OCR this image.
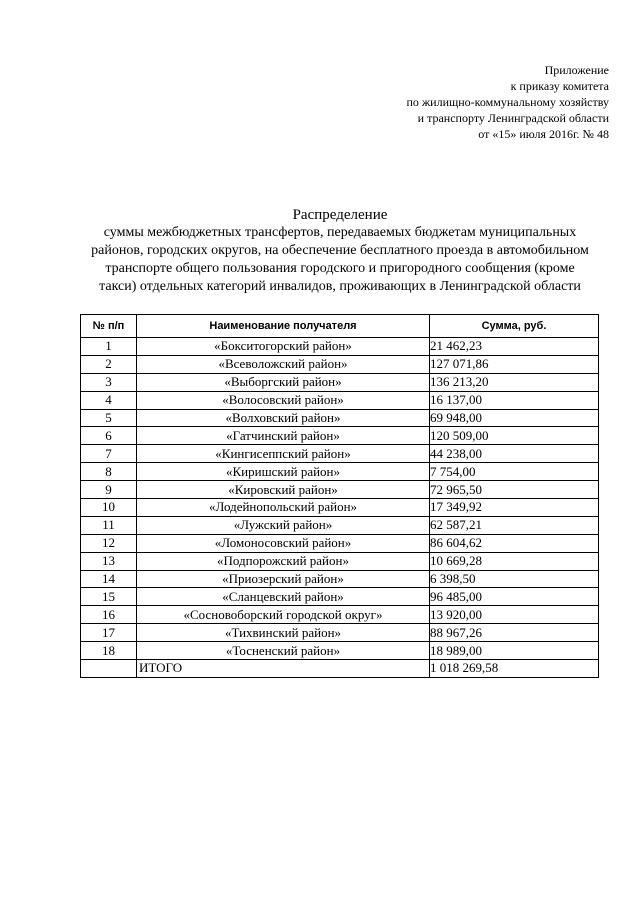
Приложение
к приказу комитета
по жилищно-коммунальному хозяйству
и транспорту Ленинградской области
от «15» июля 2016г. № 48
Распределение
суммы межбюджетных трансфертов, передаваемых бюджетам муниципальных
районов, городских округов, на обеспечение бесплатного проезда в автомобильном
транспорте общего пользования городского и пригородного сообщения (кроме
такси) отдельных категорий инвалидов, проживающих в Ленинградской области
№ п/п	Наименование получателя	Сумма, руб.
1	«Бокситогорский район»	21 462,23
2	«Всеволожский район»	127 071,86
3	«Выборгский район»	136 213,20
4	«Волосовский район»	16 137,00
5	«Волховский район»	69 948,00
6	«Гатчинский район»	120 509,00
7	«Кингисеппский район»	44 238,00
8	«Киришский район»	7 754,00
9	«Кировский район»	72 965,50
10	«Лодейнопольский район»	17 349,92
11	«Лужский район»	62 587,21
12	«Ломоносовский район»	86 604,62
13	«Подпорожский район»	10 669,28
14	«Приозерский район»	6 398,50
15	«Сланцевский район»	96 485,00
16	«Сосновоборский городской округ»	13 920,00
17	«Тихвинский район»	88 967,26
18	«Тосненский район»	18 989,00
	ИТОГО	1 018 269,58
